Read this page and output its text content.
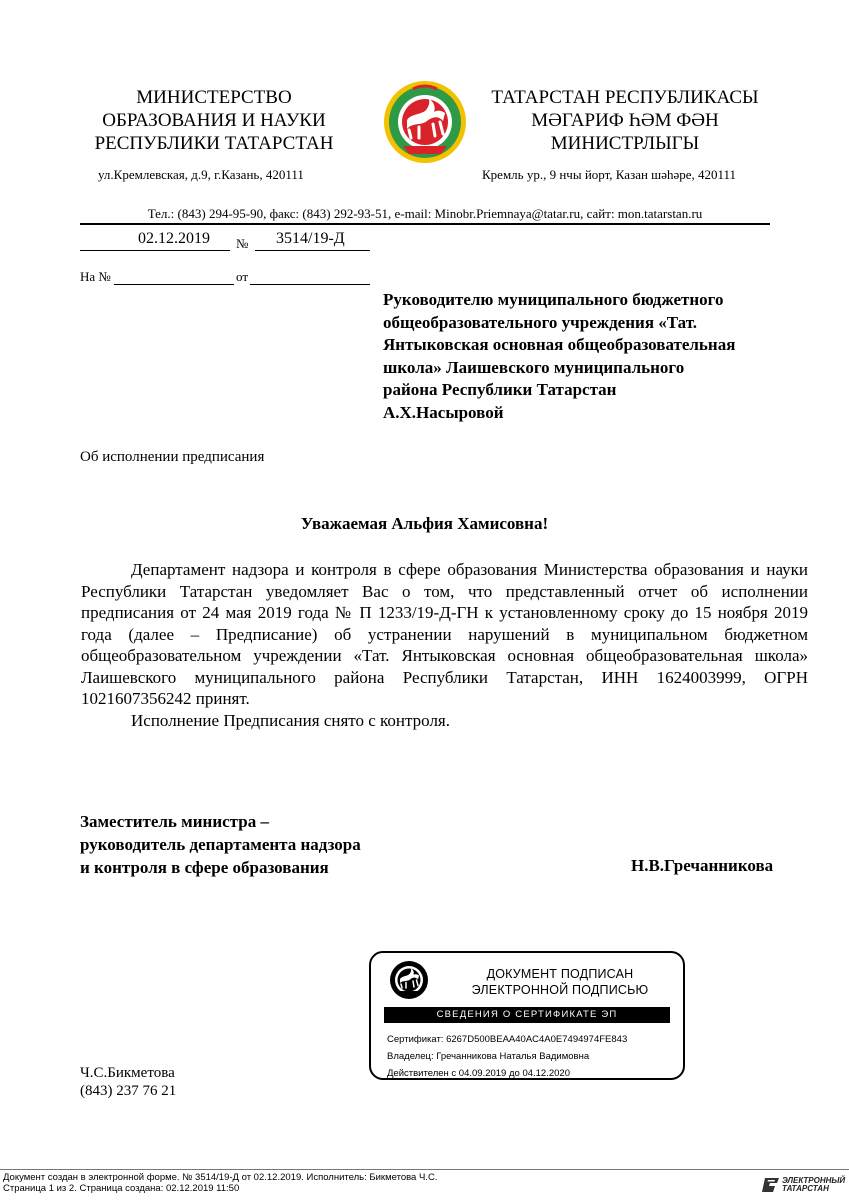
МИНИСТЕРСТВО
ОБРАЗОВАНИЯ И НАУКИ
РЕСПУБЛИКИ ТАТАРСТАН
ТАТАРСТАН РЕСПУБЛИКАСЫ
МӘГАРИФ ҺӘМ ФӘН
МИНИСТРЛЫГЫ
ул.Кремлевская, д.9, г.Казань, 420111	Кремль ур., 9 нчы йорт, Казан шәһәре, 420111
Тел.: (843) 294-95-90, факс: (843) 292-93-51, e-mail: Minobr.Priemnaya@tatar.ru, сайт: mon.tatarstan.ru
02.12.2019 № 3514/19-Д
На №	от
Руководителю муниципального бюджетного
общеобразовательного учреждения «Тат.
Янтыковская основная общеобразовательная
школа» Лаишевского муниципального
района Республики Татарстан
А.Х.Насыровой
Об исполнении предписания
Уважаемая Альфия Хамисовна!

Департамент надзора и контроля в сфере образования Министерства образования и науки Республики Татарстан уведомляет Вас о том, что представленный отчет об исполнении предписания от 24 мая 2019 года № П 1233/19-Д-ГН к установленному сроку до 15 ноября 2019 года (далее – Предписание) об устранении нарушений в муниципальном бюджетном общеобразовательном учреждении «Тат. Янтыковская основная общеобразовательная школа» Лаишевского муниципального района Республики Татарстан, ИНН 1624003999, ОГРН 1021607356242 принят.

Исполнение Предписания снято с контроля.

Заместитель министра –
руководитель департамента надзора
и контроля в сфере образования	Н.В.Гречанникова
ДОКУМЕНТ ПОДПИСАН
ЭЛЕКТРОННОЙ ПОДПИСЬЮ
СВЕДЕНИЯ О СЕРТИФИКАТЕ ЭП
Сертификат: 6267D500BEAA40AC4A0E7494974FE843
Владелец: Гречанникова Наталья Вадимовна
Действителен с 04.09.2019 до 04.12.2020
Ч.С.Бикметова
(843) 237 76 21
Документ создан в электронной форме. № 3514/19-Д от 02.12.2019. Исполнитель: Бикметова Ч.С.
Страница 1 из 2. Страница создана: 02.12.2019 11:50
ЭЛЕКТРОННЫЙ
ТАТАРСТАН
